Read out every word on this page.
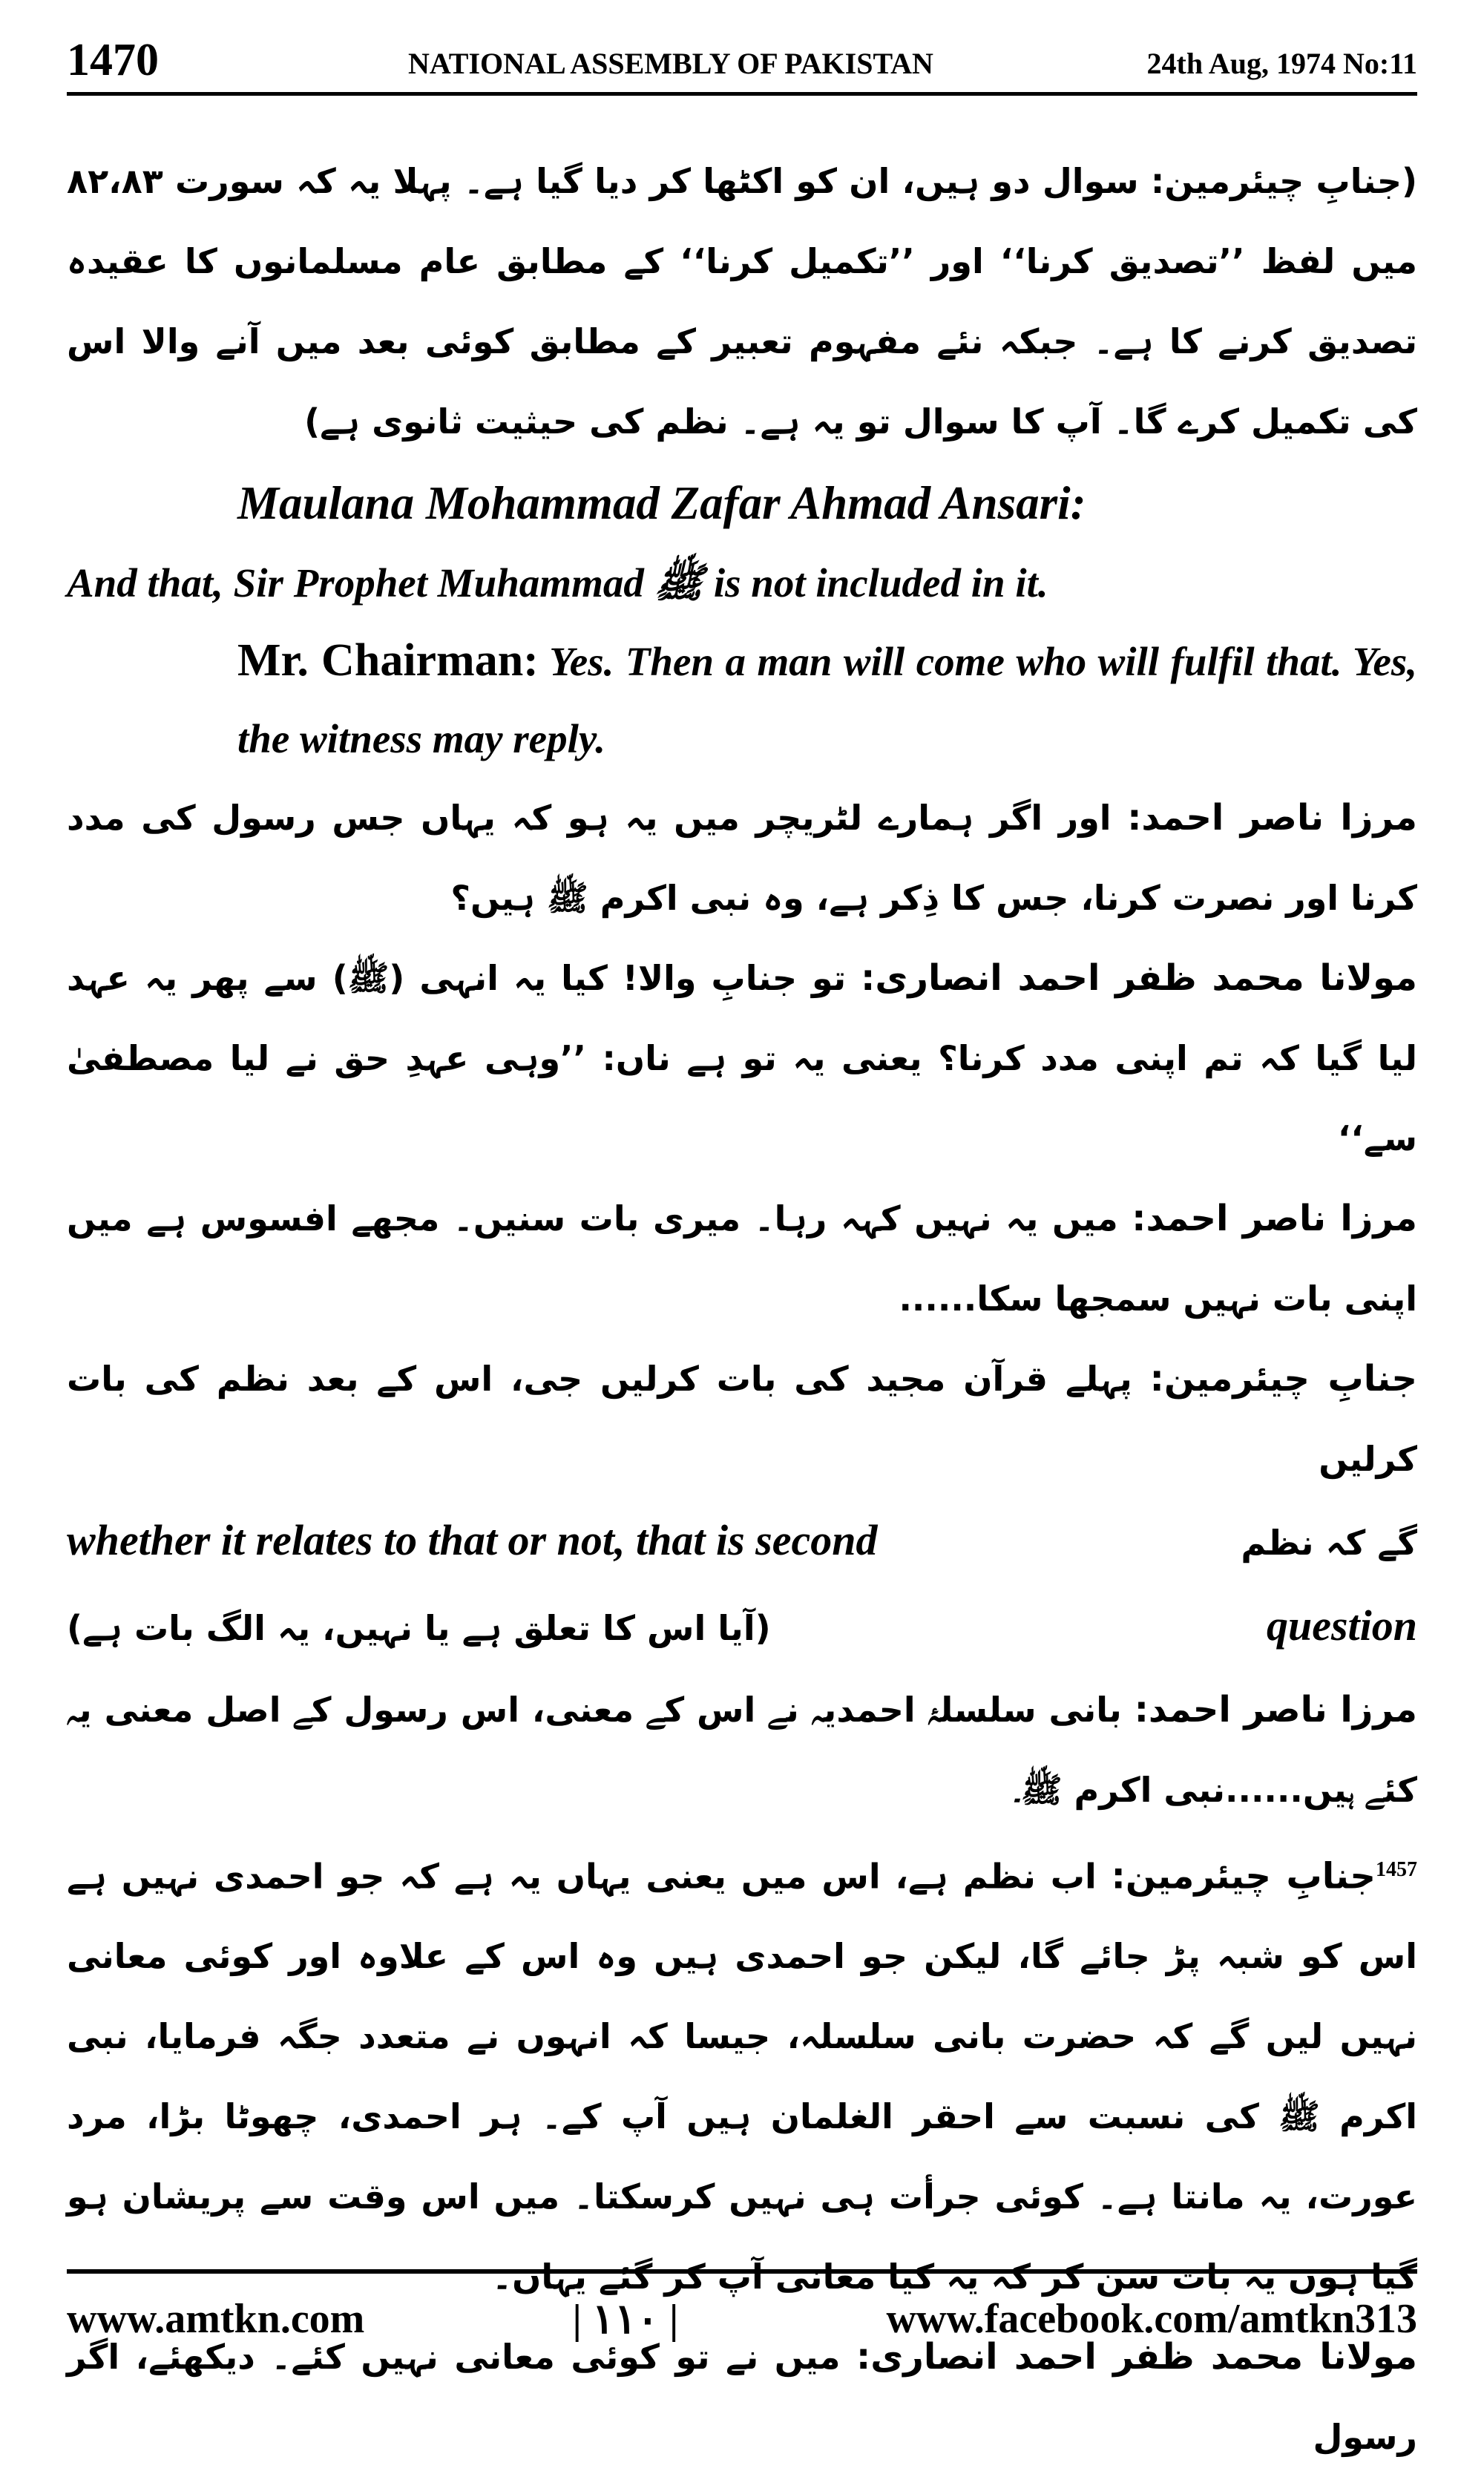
1470	NATIONAL ASSEMBLY OF PAKISTAN	24th Aug, 1974 No:11

(جنابِ چیئرمین: سوال دو ہیں، ان کو اکٹھا کر دیا گیا ہے۔ پہلا یہ کہ سورت ۸۲،۸۳ میں لفظ ’’تصدیق کرنا‘‘ اور ’’تکمیل کرنا‘‘ کے مطابق عام مسلمانوں کا عقیدہ تصدیق کرنے کا ہے۔ جبکہ نئے مفہوم تعبیر کے مطابق کوئی بعد میں آنے والا اس کی تکمیل کرے گا۔ آپ کا سوال تو یہ ہے۔ نظم کی حیثیت ثانوی ہے)

Maulana Mohammad Zafar Ahmad Ansari:

And that, Sir Prophet Muhammad ﷺ is not included in it.

Mr. Chairman: Yes. Then a man will come who will fulfil that. Yes, the witness may reply.

مرزا ناصر احمد: اور اگر ہمارے لٹریچر میں یہ ہو کہ یہاں جس رسول کی مدد کرنا اور نصرت کرنا، جس کا ذِکر ہے، وہ نبی اکرم ﷺ ہیں؟

مولانا محمد ظفر احمد انصاری: تو جنابِ والا! کیا یہ انہی (ﷺ) سے پھر یہ عہد لیا گیا کہ تم اپنی مدد کرنا؟ یعنی یہ تو ہے ناں: ’’وہی عہدِ حق نے لیا مصطفیٰ سے‘‘

مرزا ناصر احمد: میں یہ نہیں کہہ رہا۔ میری بات سنیں۔ مجھے افسوس ہے میں اپنی بات نہیں سمجھا سکا......

جنابِ چیئرمین: پہلے قرآن مجید کی بات کرلیں جی، اس کے بعد نظم کی بات کرلیں

whether it relates to that or not, that is second	گے کہ نظم
(آیا اس کا تعلق ہے یا نہیں، یہ الگ بات ہے)	question

مرزا ناصر احمد: بانی سلسلۂ احمدیہ نے اس کے معنی، اس رسول کے اصل معنی یہ کئے ہیں......نبی اکرم ﷺ۔

$^{1457}$جنابِ چیئرمین: اب نظم ہے، اس میں یعنی یہاں یہ ہے کہ جو احمدی نہیں ہے اس کو شبہ پڑ جائے گا، لیکن جو احمدی ہیں وہ اس کے علاوہ اور کوئی معانی نہیں لیں گے کہ حضرت بانی سلسلہ، جیسا کہ انہوں نے متعدد جگہ فرمایا، نبی اکرم ﷺ کی نسبت سے احقر الغلمان ہیں آپ کے۔ ہر احمدی، چھوٹا بڑا، مرد عورت، یہ مانتا ہے۔ کوئی جرأت ہی نہیں کرسکتا۔ میں اس وقت سے پریشان ہو گیا ہوں یہ بات سن کر کہ یہ کیا معانی آپ کر گئے یہاں۔

مولانا محمد ظفر احمد انصاری: میں نے تو کوئی معانی نہیں کئے۔ دیکھئے، اگر رسول

www.amtkn.com	| ۱۱۰ |	www.facebook.com/amtkn313
